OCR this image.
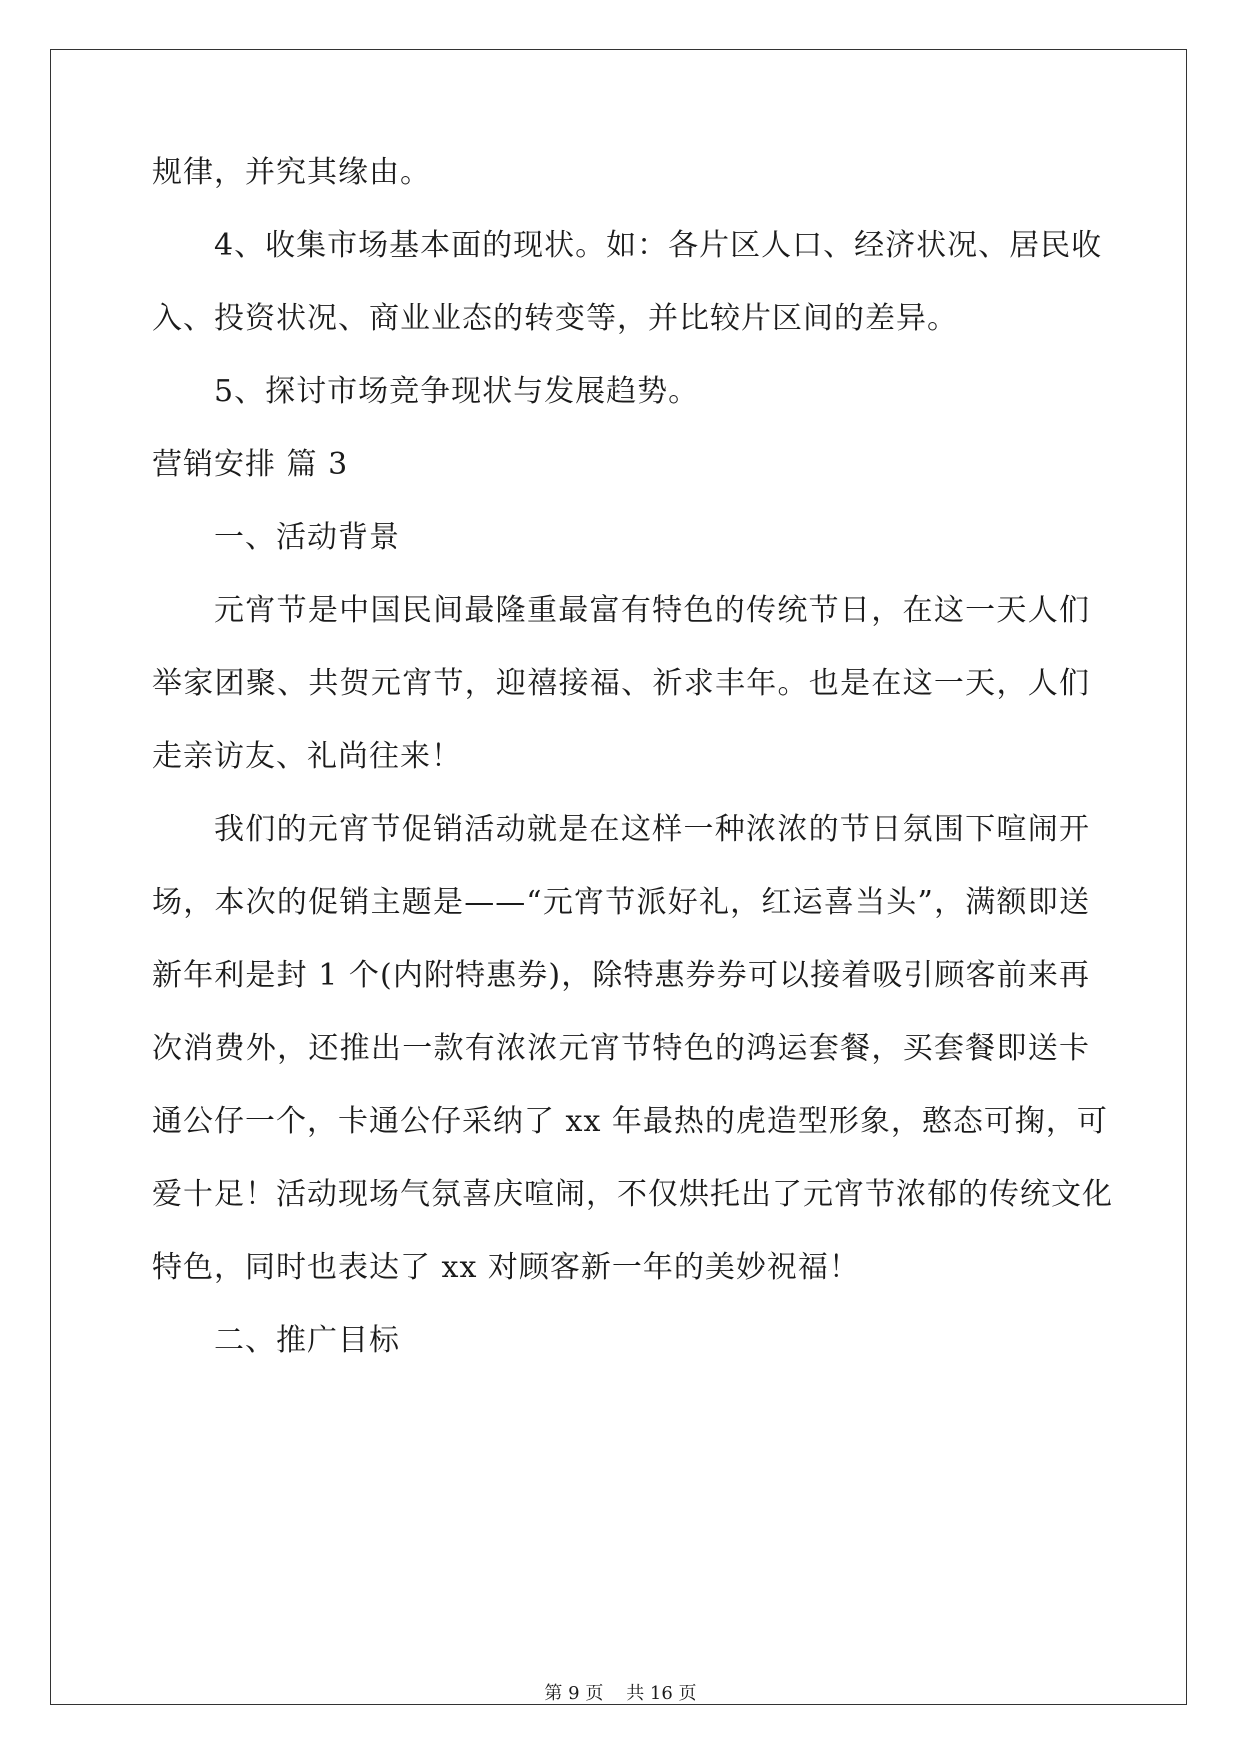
规律，并究其缘由。
4、收集市场基本面的现状。如：各片区人口、经济状况、居民收
入、投资状况、商业业态的转变等，并比较片区间的差异。
5、探讨市场竞争现状与发展趋势。
营销安排 篇 3
一、活动背景
元宵节是中国民间最隆重最富有特色的传统节日，在这一天人们
举家团聚、共贺元宵节，迎禧接福、祈求丰年。也是在这一天，人们
走亲访友、礼尚往来！
我们的元宵节促销活动就是在这样一种浓浓的节日氛围下喧闹开
场，本次的促销主题是——“元宵节派好礼，红运喜当头”，满额即送
新年利是封 1 个(内附特惠券)，除特惠券券可以接着吸引顾客前来再
次消费外，还推出一款有浓浓元宵节特色的鸿运套餐，买套餐即送卡
通公仔一个，卡通公仔采纳了 xx 年最热的虎造型形象，憨态可掬，可
爱十足！活动现场气氛喜庆喧闹，不仅烘托出了元宵节浓郁的传统文化
特色，同时也表达了 xx 对顾客新一年的美妙祝福！
二、推广目标
第 9 页    共 16 页
